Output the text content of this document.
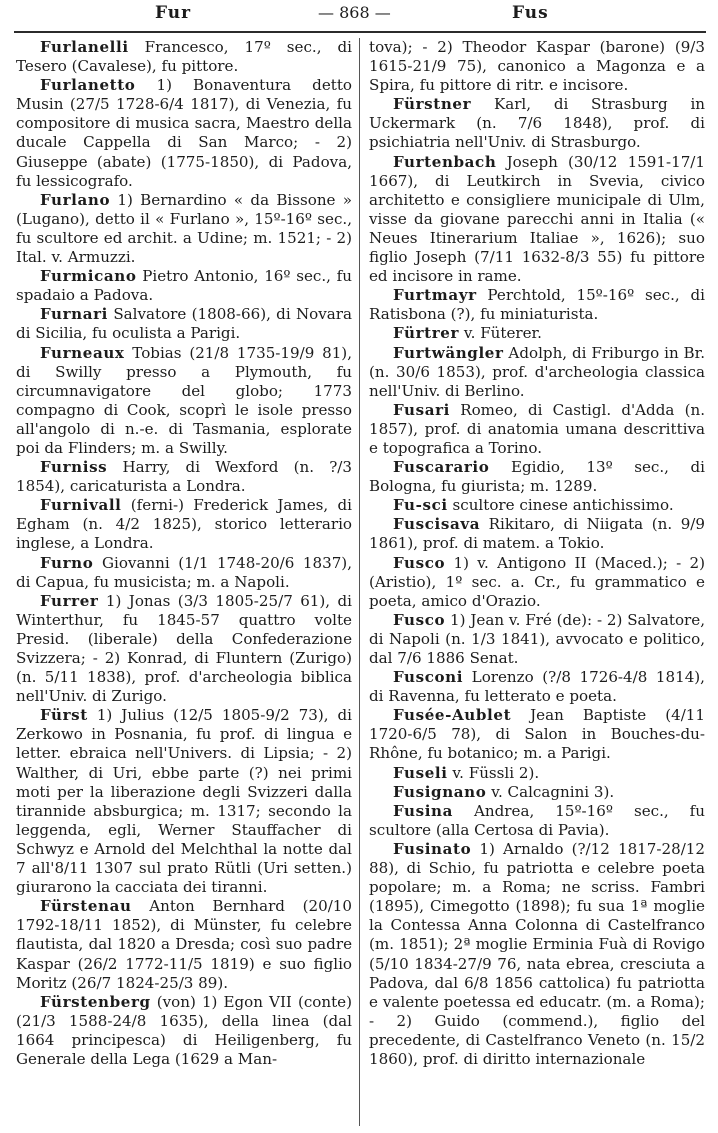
Fur	— 868 —	Fus

Furlanelli Francesco, 17º sec., di Tesero (Cavalese), fu pittore.

Furlanetto 1) Bonaventura detto Musin (27/5 1728-6/4 1817), di Venezia, fu compositore di musica sacra, Maestro della ducale Cappella di San Marco; - 2) Giuseppe (abate) (1775-1850), di Padova, fu lessicografo.

Furlano 1) Bernardino « da Bissone » (Lugano), detto il « Furlano », 15º-16º sec., fu scultore ed archit. a Udine; m. 1521; - 2) Ital. v. Armuzzi.

Furmicano Pietro Antonio, 16º sec., fu spadaio a Padova.

Furnari Salvatore (1808-66), di Novara di Sicilia, fu oculista a Parigi.

Furneaux Tobias (21/8 1735-19/9 81), di Swilly presso a Plymouth, fu circumnavigatore del globo; 1773 compagno di Cook, scoprì le isole presso all'angolo di n.-e. di Tasmania, esplorate poi da Flinders; m. a Swilly.

Furniss Harry, di Wexford (n. ?/3 1854), caricaturista a Londra.

Furnivall (ferni-) Frederick James, di Egham (n. 4/2 1825), storico letterario inglese, a Londra.

Furno Giovanni (1/1 1748-20/6 1837), di Capua, fu musicista; m. a Napoli.

Furrer 1) Jonas (3/3 1805-25/7 61), di Winterthur, fu 1845-57 quattro volte Presid. (liberale) della Confederazione Svizzera; - 2) Konrad, di Fluntern (Zurigo) (n. 5/11 1838), prof. d'archeologia biblica nell'Univ. di Zurigo.

Fürst 1) Julius (12/5 1805-9/2 73), di Zerkowo in Posnania, fu prof. di lingua e letter. ebraica nell'Univers. di Lipsia; - 2) Walther, di Uri, ebbe parte (?) nei primi moti per la liberazione degli Svizzeri dalla tirannide absburgica; m. 1317; secondo la leggenda, egli, Werner Stauffacher di Schwyz e Arnold del Melchthal la notte dal 7 all'8/11 1307 sul prato Rütli (Uri setten.) giurarono la cacciata dei tiranni.

Fürstenau Anton Bernhard (20/10 1792-18/11 1852), di Münster, fu celebre flautista, dal 1820 a Dresda; così suo padre Kaspar (26/2 1772-11/5 1819) e suo figlio Moritz (26/7 1824-25/3 89).

Fürstenberg (von) 1) Egon VII (conte) (21/3 1588-24/8 1635), della linea (dal 1664 principesca) di Heiligenberg, fu Generale della Lega (1629 a Man-

tova); - 2) Theodor Kaspar (barone) (9/3 1615-21/9 75), canonico a Magonza e a Spira, fu pittore di ritr. e incisore.

Fürstner Karl, di Strasburg in Uckermark (n. 7/6 1848), prof. di psichiatria nell'Univ. di Strasburgo.

Furtenbach Joseph (30/12 1591-17/1 1667), di Leutkirch in Svevia, civico architetto e consigliere municipale di Ulm, visse da giovane parecchi anni in Italia (« Neues Itinerarium Italiae », 1626); suo figlio Joseph (7/11 1632-8/3 55) fu pittore ed incisore in rame.

Furtmayr Perchtold, 15º-16º sec., di Ratisbona (?), fu miniaturista.

Fürtrer v. Füterer.

Furtwängler Adolph, di Friburgo in Br. (n. 30/6 1853), prof. d'archeologia classica nell'Univ. di Berlino.

Fusari Romeo, di Castigl. d'Adda (n. 1857), prof. di anatomia umana descrittiva e topografica a Torino.

Fuscarario Egidio, 13º sec., di Bologna, fu giurista; m. 1289.

Fu-sci scultore cinese antichissimo.

Fuscisava Rikitaro, di Niigata (n. 9/9 1861), prof. di matem. a Tokio.

Fusco 1) v. Antigono II (Maced.); - 2) (Aristio), 1º sec. a. Cr., fu grammatico e poeta, amico d'Orazio.

Fusco 1) Jean v. Fré (de): - 2) Salvatore, di Napoli (n. 1/3 1841), avvocato e politico, dal 7/6 1886 Senat.

Fusconi Lorenzo (?/8 1726-4/8 1814), di Ravenna, fu letterato e poeta.

Fusée-Aublet Jean Baptiste (4/11 1720-6/5 78), di Salon in Bouches-du-Rhône, fu botanico; m. a Parigi.

Fuseli v. Füssli 2).

Fusignano v. Calcagnini 3).

Fusina Andrea, 15º-16º sec., fu scultore (alla Certosa di Pavia).

Fusinato 1) Arnaldo (?/12 1817-28/12 88), di Schio, fu patriotta e celebre poeta popolare; m. a Roma; ne scriss. Fambri (1895), Cimegotto (1898); fu sua 1ª moglie la Contessa Anna Colonna di Castelfranco (m. 1851); 2ª moglie Erminia Fuà di Rovigo (5/10 1834-27/9 76, nata ebrea, cresciuta a Padova, dal 6/8 1856 cattolica) fu patriotta e valente poetessa ed educatr. (m. a Roma); - 2) Guido (commend.), figlio del precedente, di Castelfranco Veneto (n. 15/2 1860), prof. di diritto internazionale
